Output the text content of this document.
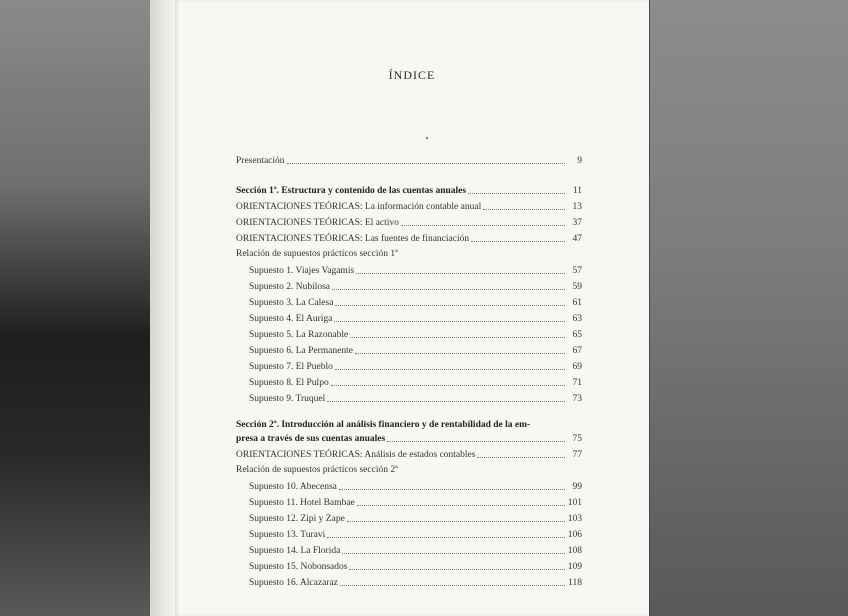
ÍNDICE
Presentación	9
Sección 1ª. Estructura y contenido de las cuentas anuales	11
ORIENTACIONES TEÓRICAS: La información contable anual	13
ORIENTACIONES TEÓRICAS: El activo	37
ORIENTACIONES TEÓRICAS: Las fuentes de financiación	47
Relación de supuestos prácticos sección 1ª
Supuesto 1. Viajes Vagamis	57
Supuesto 2. Nubilosa	59
Supuesto 3. La Calesa	61
Supuesto 4. El Auriga	63
Supuesto 5. La Razonable	65
Supuesto 6. La Permanente	67
Supuesto 7. El Pueblo	69
Supuesto 8. El Pulpo	71
Supuesto 9. Truquel	73
Sección 2ª. Introducción al análisis financiero y de rentabilidad de la em-
presa a través de sus cuentas anuales	75
ORIENTACIONES TEÓRICAS: Análisis de estados contables	77
Relación de supuestos prácticos sección 2ª
Supuesto 10. Abecensa	99
Supuesto 11. Hotel Bambae	101
Supuesto 12. Zipi y Zape	103
Supuesto 13. Turavi	106
Supuesto 14. La Florida	108
Supuesto 15. Nobonsados	109
Supuesto 16. Alcazaraz	118
